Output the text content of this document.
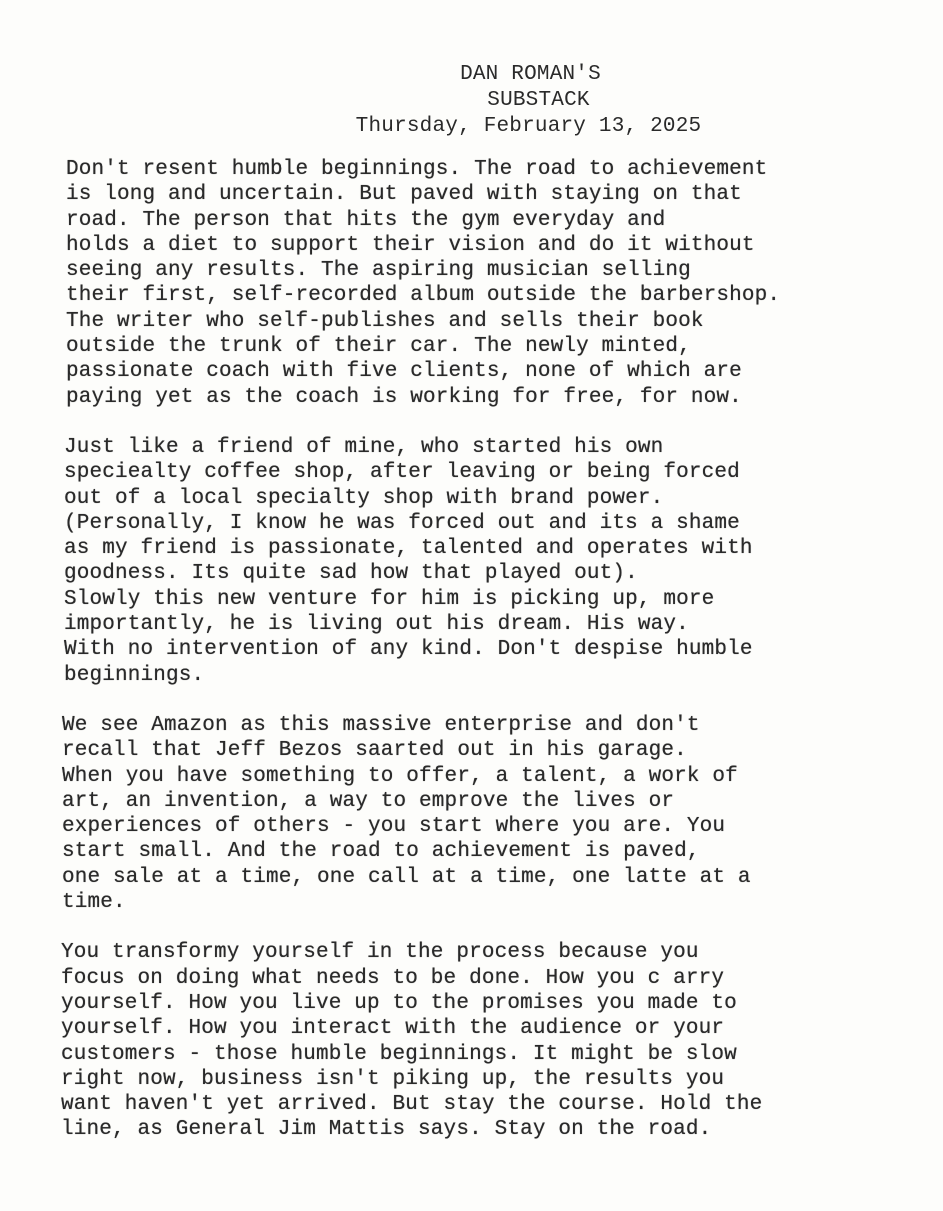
DAN ROMAN'S
SUBSTACK
Thursday, February 13, 2025
Don't resent humble beginnings. The road to achievement
is long and uncertain. But paved with staying on that
road. The person that hits the gym everyday and
holds a diet to support their vision and do it without
seeing any results. The aspiring musician selling
their first, self-recorded album outside the barbershop.
The writer who self-publishes and sells their book
outside the trunk of their car. The newly minted,
passionate coach with five clients, none of which are
paying yet as the coach is working for free, for now.
Just like a friend of mine, who started his own
speciealty coffee shop, after leaving or being forced
out of a local specialty shop with brand power.
(Personally, I know he was forced out and its a shame
as my friend is passionate, talented and operates with
goodness. Its quite sad how that played out).
Slowly this new venture for him is picking up, more
importantly, he is living out his dream. His way.
With no intervention of any kind. Don't despise humble
beginnings.
We see Amazon as this massive enterprise and don't
recall that Jeff Bezos saarted out in his garage.
When you have something to offer, a talent, a work of
art, an invention, a way to emprove the lives or
experiences of others - you start where you are. You
start small. And the road to achievement is paved,
one sale at a time, one call at a time, one latte at a
time.
You transformy yourself in the process because you
focus on doing what needs to be done. How you c arry
yourself. How you live up to the promises you made to
yourself. How you interact with the audience or your
customers - those humble beginnings. It might be slow
right now, business isn't piking up, the results you
want haven't yet arrived. But stay the course. Hold the
line, as General Jim Mattis says. Stay on the road.
